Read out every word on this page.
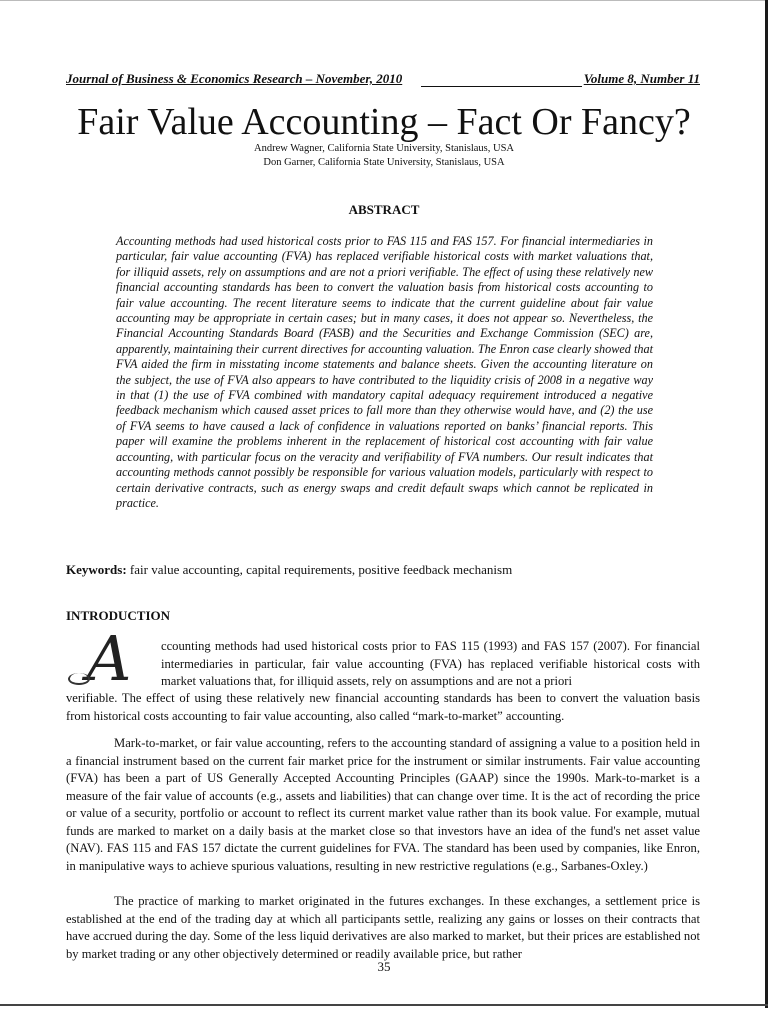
Journal of Business & Economics Research – November, 2010	Volume 8, Number 11
Fair Value Accounting – Fact Or Fancy?
Andrew Wagner, California State University, Stanislaus, USA
Don Garner, California State University, Stanislaus, USA
ABSTRACT
Accounting methods had used historical costs prior to FAS 115 and FAS 157. For financial intermediaries in particular, fair value accounting (FVA) has replaced verifiable historical costs with market valuations that, for illiquid assets, rely on assumptions and are not a priori verifiable. The effect of using these relatively new financial accounting standards has been to convert the valuation basis from historical costs accounting to fair value accounting. The recent literature seems to indicate that the current guideline about fair value accounting may be appropriate in certain cases; but in many cases, it does not appear so. Nevertheless, the Financial Accounting Standards Board (FASB) and the Securities and Exchange Commission (SEC) are, apparently, maintaining their current directives for accounting valuation. The Enron case clearly showed that FVA aided the firm in misstating income statements and balance sheets. Given the accounting literature on the subject, the use of FVA also appears to have contributed to the liquidity crisis of 2008 in a negative way in that (1) the use of FVA combined with mandatory capital adequacy requirement introduced a negative feedback mechanism which caused asset prices to fall more than they otherwise would have, and (2) the use of FVA seems to have caused a lack of confidence in valuations reported on banks’ financial reports. This paper will examine the problems inherent in the replacement of historical cost accounting with fair value accounting, with particular focus on the veracity and verifiability of FVA numbers. Our result indicates that accounting methods cannot possibly be responsible for various valuation models, particularly with respect to certain derivative contracts, such as energy swaps and credit default swaps which cannot be replicated in practice.
Keywords: fair value accounting, capital requirements, positive feedback mechanism
INTRODUCTION
A	ccounting methods had used historical costs prior to FAS 115 (1993) and FAS 157 (2007). For financial intermediaries in particular, fair value accounting (FVA) has replaced verifiable historical costs with market valuations that, for illiquid assets, rely on assumptions and are not a priori
verifiable. The effect of using these relatively new financial accounting standards has been to convert the valuation basis from historical costs accounting to fair value accounting, also called “mark-to-market” accounting.
Mark-to-market, or fair value accounting, refers to the accounting standard of assigning a value to a position held in a financial instrument based on the current fair market price for the instrument or similar instruments. Fair value accounting (FVA) has been a part of US Generally Accepted Accounting Principles (GAAP) since the 1990s. Mark-to-market is a measure of the fair value of accounts (e.g., assets and liabilities) that can change over time. It is the act of recording the price or value of a security, portfolio or account to reflect its current market value rather than its book value. For example, mutual funds are marked to market on a daily basis at the market close so that investors have an idea of the fund's net asset value (NAV). FAS 115 and FAS 157 dictate the current guidelines for FVA. The standard has been used by companies, like Enron, in manipulative ways to achieve spurious valuations, resulting in new restrictive regulations (e.g., Sarbanes-Oxley.)
The practice of marking to market originated in the futures exchanges. In these exchanges, a settlement price is established at the end of the trading day at which all participants settle, realizing any gains or losses on their contracts that have accrued during the day. Some of the less liquid derivatives are also marked to market, but their prices are established not by market trading or any other objectively determined or readily available price, but rather
35
